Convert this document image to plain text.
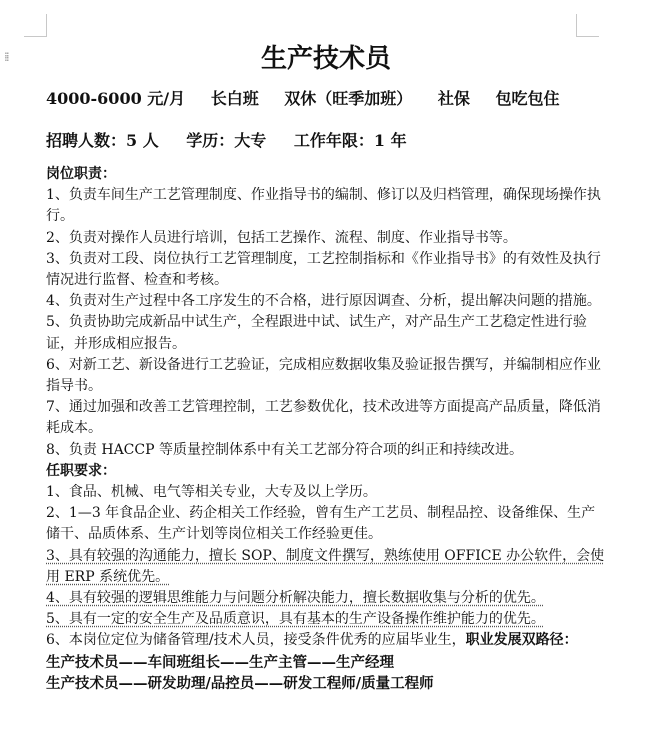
⁞⁞	生产技术员
4000-6000 元/月 长白班 双休（旺季加班） 社保 包吃包住
招聘人数：5 人 学历：大专 工作年限：1 年

岗位职责：

1、负责车间生产工艺管理制度、作业指导书的编制、修订以及归档管理，确保现场操作执行。

2、负责对操作人员进行培训，包括工艺操作、流程、制度、作业指导书等。

3、负责对工段、岗位执行工艺管理制度，工艺控制指标和《作业指导书》的有效性及执行情况进行监督、检查和考核。

4、负责对生产过程中各工序发生的不合格，进行原因调查、分析，提出解决问题的措施。

5、负责协助完成新品中试生产，全程跟进中试、试生产，对产品生产工艺稳定性进行验证，并形成相应报告。

6、对新工艺、新设备进行工艺验证，完成相应数据收集及验证报告撰写，并编制相应作业指导书。

7、通过加强和改善工艺管理控制，工艺参数优化，技术改进等方面提高产品质量，降低消耗成本。

8、负责 HACCP 等质量控制体系中有关工艺部分符合项的纠正和持续改进。

任职要求：

1、食品、机械、电气等相关专业，大专及以上学历。

2、1—3 年食品企业、药企相关工作经验，曾有生产工艺员、制程品控、设备维保、生产储干、品质体系、生产计划等岗位相关工作经验更佳。

3、具有较强的沟通能力，擅长 SOP、制度文件撰写，熟练使用 OFFICE 办公软件，会使用 ERP 系统优先。

4、具有较强的逻辑思维能力与问题分析解决能力，擅长数据收集与分析的优先。

5、具有一定的安全生产及品质意识，具有基本的生产设备操作维护能力的优先。

6、本岗位定位为储备管理/技术人员，接受条件优秀的应届毕业生，职业发展双路径：

生产技术员——车间班组长——生产主管——生产经理

生产技术员——研发助理/品控员——研发工程师/质量工程师
